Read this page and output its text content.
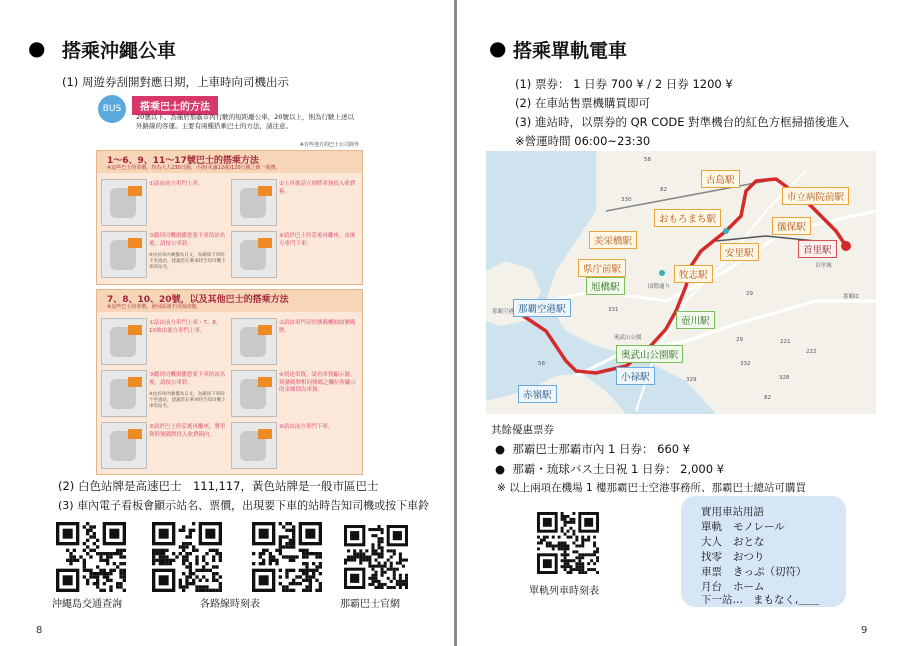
● 搭乘沖繩公車
(1) 周遊券刮開對應日期，上車時向司機出示
BUS	搭乘巴士的方法
20號以下、為僅於那霸市內行駛的短距離公車，20號以上，則為行駛上述以外路線的客運。主要有兩種搭乘巴士的方法，請注意。
※有些他方的巴士公司除外
1～6、9、11～17號巴士的搭乘方法
※這些巴士的票價，均為大人230日圓，小孩(未滿12歲)120日圓之統一收費。
①請由前方車門上車。	②上車後請立刻將車資投入收費箱。
③聽到司機廣播您要下車的站名後，請按公車鈴。
※由於車內廣播為日文，為確保下車時不坐過站，建議您在乘車時告知司機下車的站名。
④請於巴士停妥後再離座，由後方車門下車。
7、8、10、20號，以及其他巴士的搭乘方法
※這些巴士的票價，會因區間不同而改變。
①請由前方車門上車・7、8、10號由後方車門上車。
②請由車門旁的號碼機抽取號碼牌。
③聽到司機廣播您要下車的站名後，請按公車鈴。
※由於車內廣播為日文，為確保下車時不坐過站，建議您在乘車時告知司機下車的站名。
④到達車資，請看車資顯示器，與號碼牌相同號碼之欄位所顯示的金額則為車資。
⑤請於巴士停妥後再離座，將車資與號碼牌投入收費箱內。
⑥請由前方車門下車。
(2) 白色站牌是高速巴士　111,117，黃色站牌是一般市區巴士
(3) 車內電子看板會顯示站名、票價，出現要下車的站時告知司機或按下車鈴
沖繩島交通查詢	各路線時刻表	那霸巴士官網
8
● 搭乘單軌電車
(1) 票券： 1 日券 700 ¥ / 2 日券 1200 ¥
(2) 在車站售票機購買即可
(3) 進站時，以票券的 QR CODE 對準機台的紅色方框掃描後進入
※營運時間 06:00~23:30
古島駅
市立病院前駅
おもろまち駅
儀保駅
美栄橋駅
安里駅	首里駅
県庁前駅
牧志駅
旭橋駅
那覇空港駅
壺川駅
奥武山公園駅
小禄駅
赤嶺駅
首里城
那覇IC
国際通り
奥武山公園
那覇空港
82
330
29
58
331
221
332
328
329
222
58
82
29
其餘優惠票券
●  那霸巴士那霸市內 1 日券： 660 ¥
●  那霸・琉球バス土日祝 1 日券： 2,000 ¥
※ 以上兩項在機場 1 樓那霸巴士空港事務所、那霸巴士總站可購買
單軌列車時刻表
實用車站用語
單軌 モノレール
大人 おとな
找零 おつり
車票 きっぷ（切符）
月台 ホーム
下一站… まもなく,＿＿
9
